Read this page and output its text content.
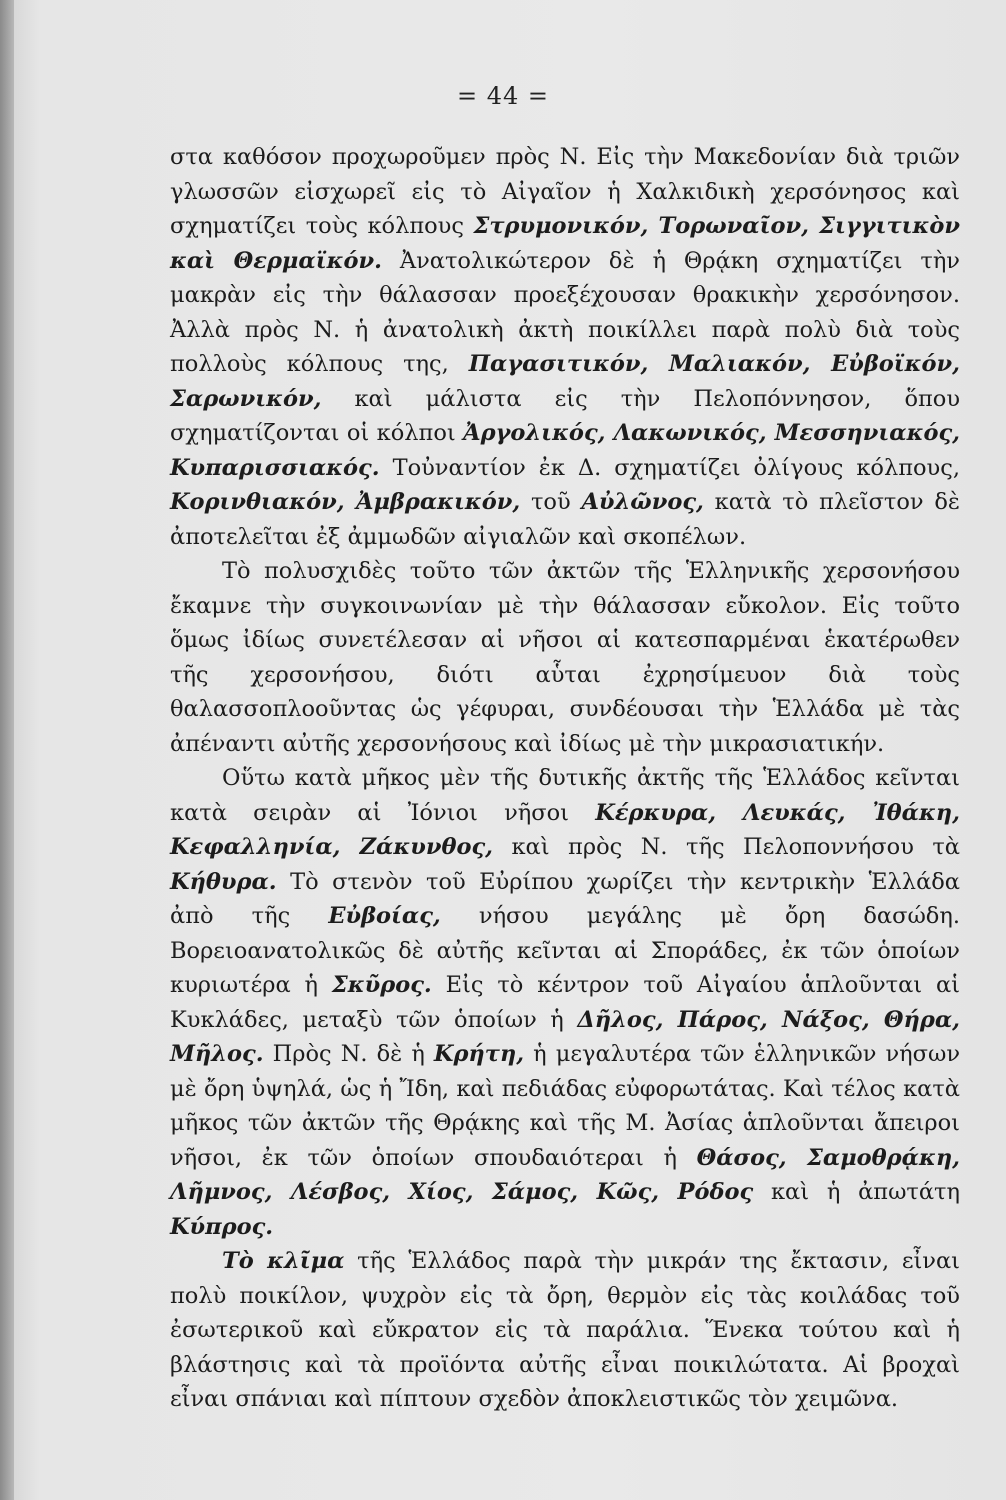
= 44 =

στα καθόσον προχωροῦμεν πρὸς Ν. Εἰς τὴν Μακεδονίαν διὰ τριῶν γλωσσῶν εἰσχωρεῖ εἰς τὸ Αἰγαῖον ἡ Χαλκιδικὴ χερσόνησος καὶ σχηματίζει τοὺς κόλπους Στρυμονικόν, Τορωναῖον, Σιγγιτικὸν καὶ Θερμαϊκόν. Ἀνατολικώτερον δὲ ἡ Θρᾴκη σχηματίζει τὴν μακρὰν εἰς τὴν θάλασσαν προεξέχουσαν θρακικὴν χερσόνησον. Ἀλλὰ πρὸς Ν. ἡ ἀνατολικὴ ἀκτὴ ποικίλλει παρὰ πολὺ διὰ τοὺς πολλοὺς κόλπους της, Παγασιτικόν, Μαλιακόν, Εὐβοϊκόν, Σαρωνικόν, καὶ μάλιστα εἰς τὴν Πελοπόννησον, ὅπου σχηματίζονται οἱ κόλποι Ἀργολικός, Λακωνικός, Μεσσηνιακός, Κυπαρισσιακός. Τοὐναντίον ἐκ Δ. σχηματίζει ὀλίγους κόλπους, Κορινθιακόν, Ἀμβρακικόν, τοῦ Αὐλῶνος, κατὰ τὸ πλεῖστον δὲ ἀποτελεῖται ἐξ ἀμμωδῶν αἰγιαλῶν καὶ σκοπέλων.

Τὸ πολυσχιδὲς τοῦτο τῶν ἀκτῶν τῆς Ἑλληνικῆς χερσονήσου ἔκαμνε τὴν συγκοινωνίαν μὲ τὴν θάλασσαν εὔκολον. Εἰς τοῦτο ὅμως ἰδίως συνετέλεσαν αἱ νῆσοι αἱ κατεσπαρμέναι ἑκατέρωθεν τῆς χερσονήσου, διότι αὗται ἐχρησίμευον διὰ τοὺς θαλασσοπλοοῦντας ὡς γέφυραι, συνδέουσαι τὴν Ἑλλάδα μὲ τὰς ἀπέναντι αὐτῆς χερσονήσους καὶ ἰδίως μὲ τὴν μικρασιατικήν.

Οὕτω κατὰ μῆκος μὲν τῆς δυτικῆς ἀκτῆς τῆς Ἑλλάδος κεῖνται κατὰ σειρὰν αἱ Ἰόνιοι νῆσοι Κέρκυρα, Λευκάς, Ἰθάκη, Κεφαλληνία, Ζάκυνθος, καὶ πρὸς Ν. τῆς Πελοποννήσου τὰ Κήθυρα. Τὸ στενὸν τοῦ Εὐρίπου χωρίζει τὴν κεντρικὴν Ἑλλάδα ἀπὸ τῆς Εὐβοίας, νήσου μεγάλης μὲ ὄρη δασώδη. Βορειοανατολικῶς δὲ αὐτῆς κεῖνται αἱ Σποράδες, ἐκ τῶν ὁποίων κυριωτέρα ἡ Σκῦρος. Εἰς τὸ κέντρον τοῦ Αἰγαίου ἁπλοῦνται αἱ Κυκλάδες, μεταξὺ τῶν ὁποίων ἡ Δῆλος, Πάρος, Νάξος, Θήρα, Μῆλος. Πρὸς Ν. δὲ ἡ Κρήτη, ἡ μεγαλυτέρα τῶν ἑλληνικῶν νήσων μὲ ὄρη ὑψηλά, ὡς ἡ Ἴδη, καὶ πεδιάδας εὐφορωτάτας. Καὶ τέλος κατὰ μῆκος τῶν ἀκτῶν τῆς Θρᾴκης καὶ τῆς Μ. Ἀσίας ἁπλοῦνται ἄπειροι νῆσοι, ἐκ τῶν ὁποίων σπουδαιότεραι ἡ Θάσος, Σαμοθρᾴκη, Λῆμνος, Λέσβος, Χίος, Σάμος, Κῶς, Ρόδος καὶ ἡ ἀπωτάτη Κύπρος.

Τὸ κλῖμα τῆς Ἑλλάδος παρὰ τὴν μικράν της ἔκτασιν, εἶναι πολὺ ποικίλον, ψυχρὸν εἰς τὰ ὄρη, θερμὸν εἰς τὰς κοιλάδας τοῦ ἐσωτερικοῦ καὶ εὔκρατον εἰς τὰ παράλια. Ἕνεκα τούτου καὶ ἡ βλάστησις καὶ τὰ προϊόντα αὐτῆς εἶναι ποικιλώτατα. Αἱ βροχαὶ εἶναι σπάνιαι καὶ πίπτουν σχεδὸν ἀποκλειστικῶς τὸν χειμῶνα.
